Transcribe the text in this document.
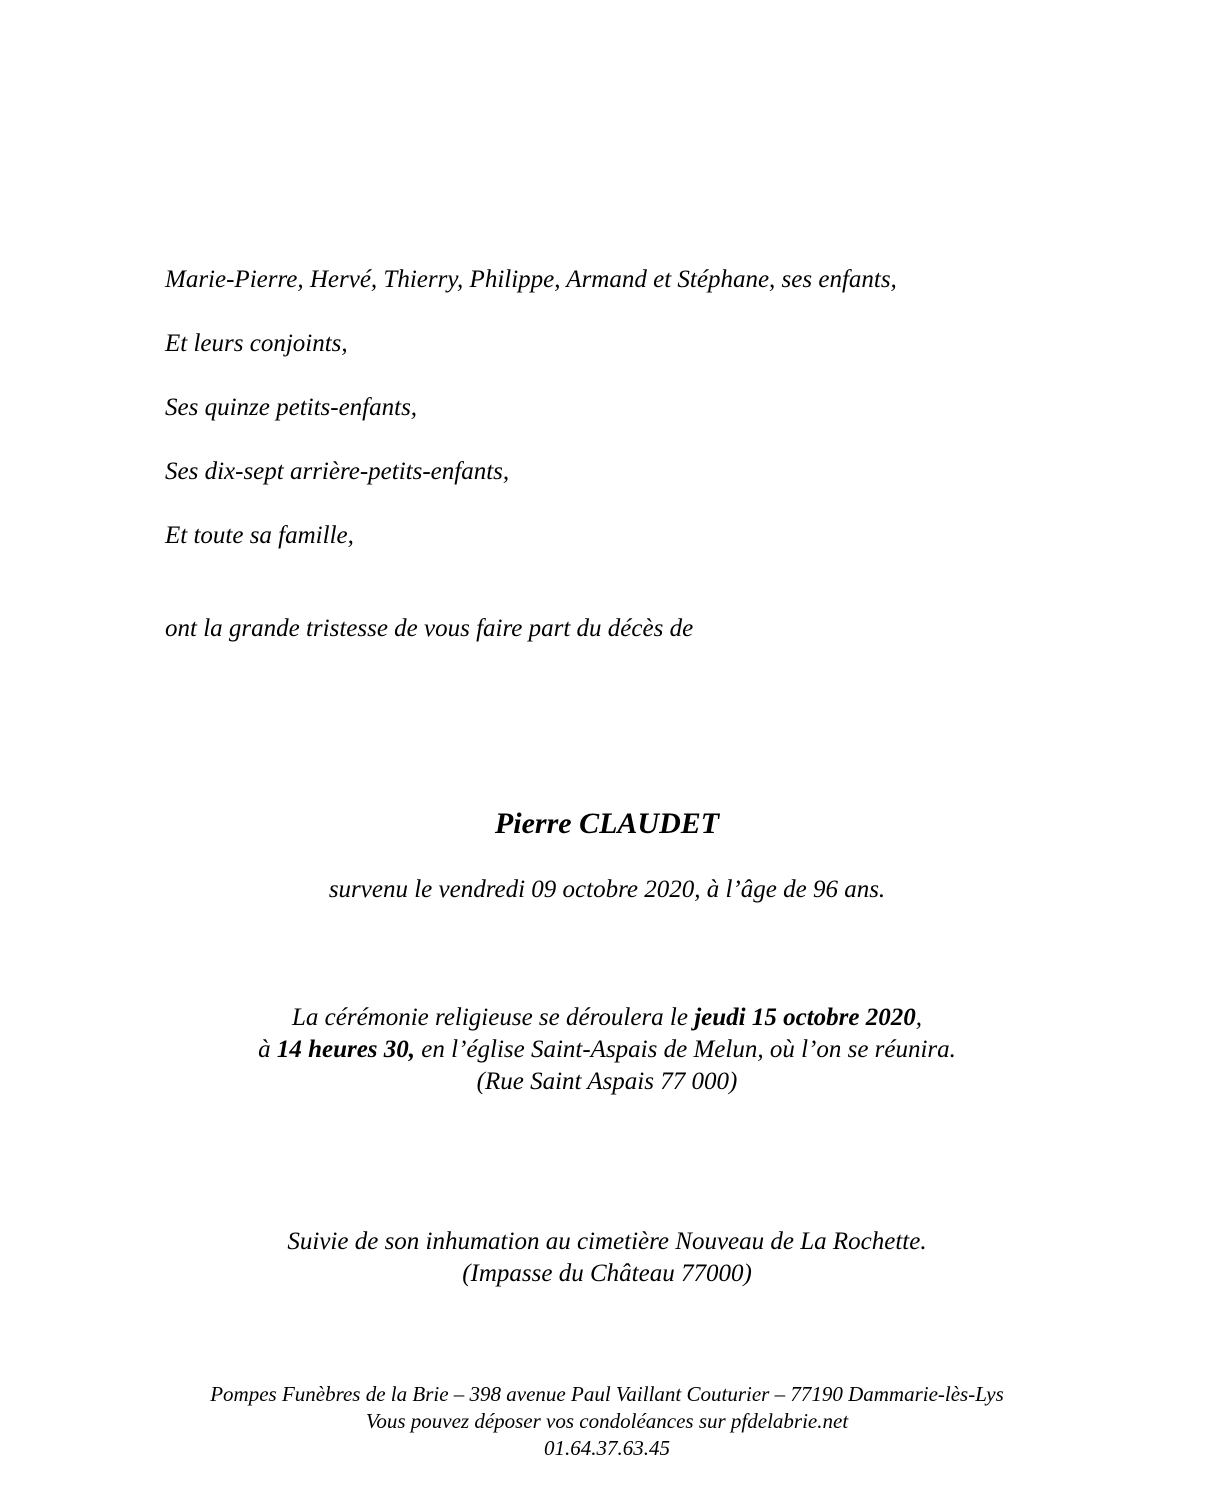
Marie-Pierre, Hervé, Thierry, Philippe, Armand et Stéphane, ses enfants,

Et leurs conjoints,

Ses quinze petits-enfants,

Ses dix-sept arrière-petits-enfants,

Et toute sa famille,

ont la grande tristesse de vous faire part du décès de

Pierre CLAUDET

survenu le vendredi 09 octobre 2020, à l’âge de 96 ans.

La cérémonie religieuse se déroulera le jeudi 15 octobre 2020,

à 14 heures 30, en l’église Saint-Aspais de Melun, où l’on se réunira.

(Rue Saint Aspais 77 000)

Suivie de son inhumation au cimetière Nouveau de La Rochette.

(Impasse du Château 77000)

Pompes Funèbres de la Brie – 398 avenue Paul Vaillant Couturier – 77190 Dammarie-lès-Lys

Vous pouvez déposer vos condoléances sur pfdelabrie.net

01.64.37.63.45
